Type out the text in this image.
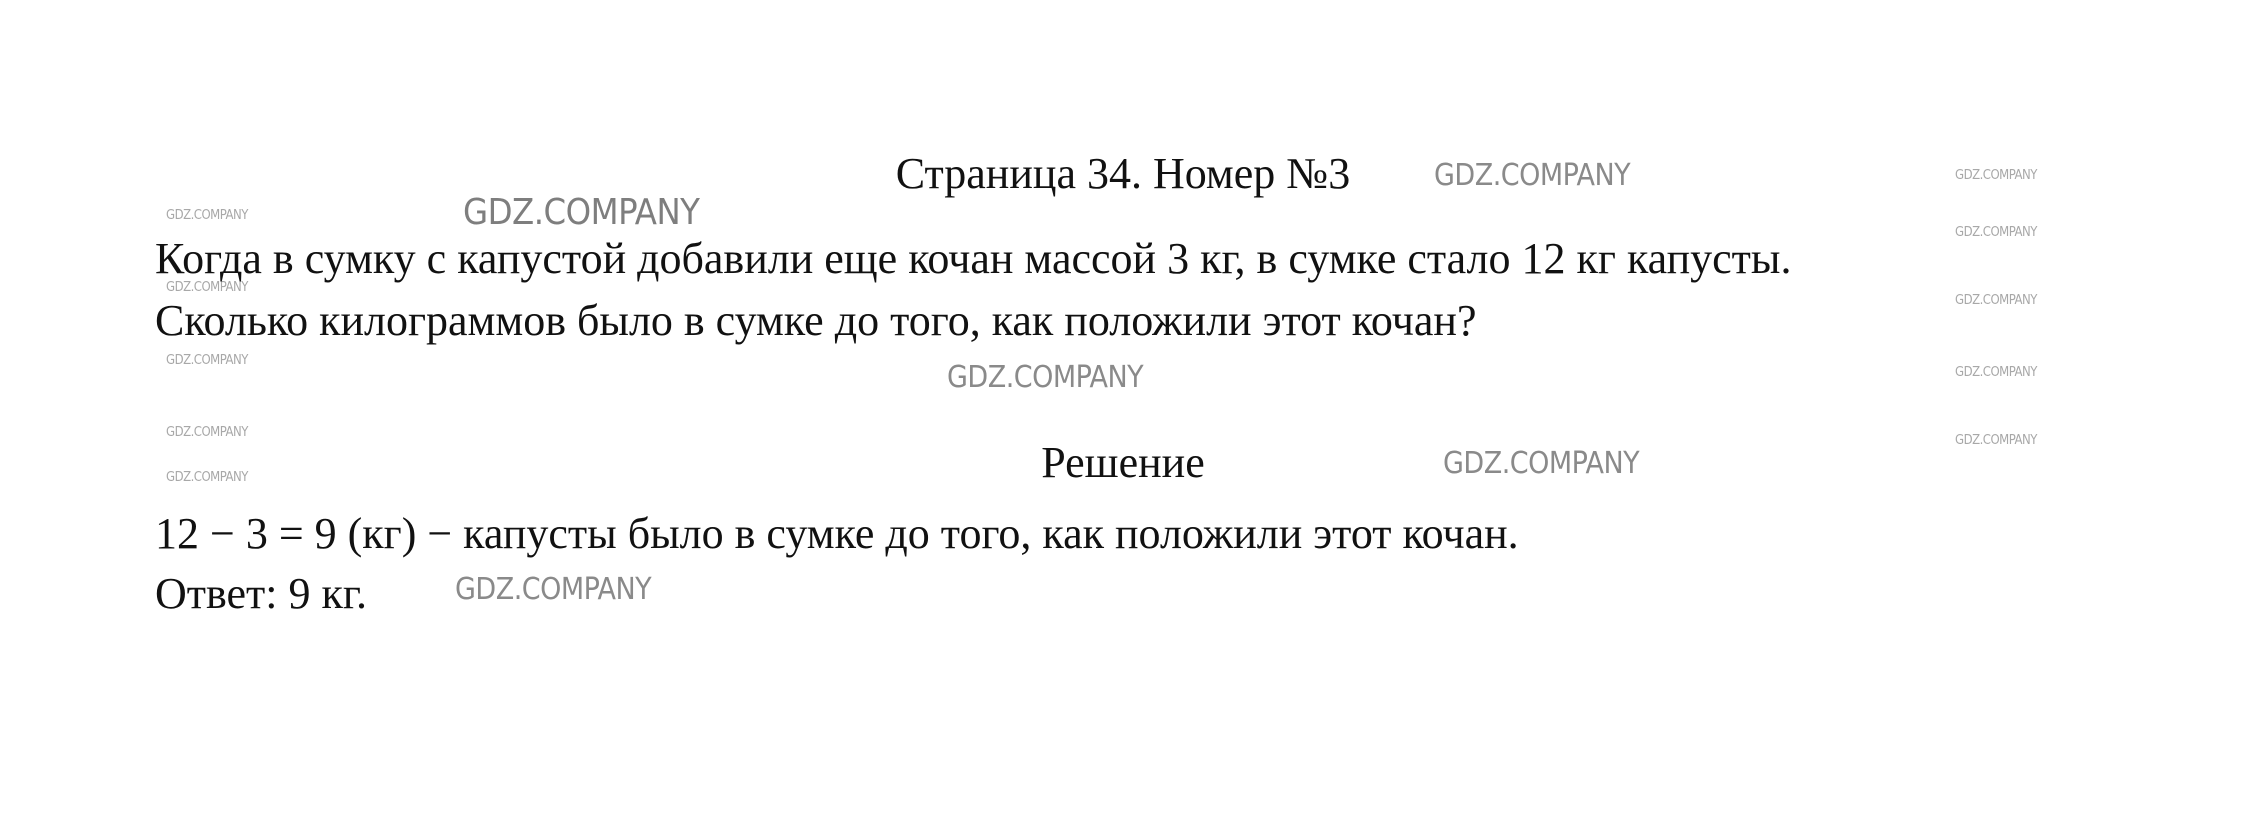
GDZ.COMPANY
GDZ.COMPANY
GDZ.COMPANY
GDZ.COMPANY
GDZ.COMPANY
GDZ.COMPANY
GDZ.COMPANY
GDZ.COMPANY
GDZ.COMPANY
GDZ.COMPANY
Страница 34. Номер №3
GDZ.COMPANY
GDZ.COMPANY
Когда в сумку с капустой добавили еще кочан массой 3 кг, в сумке стало 12 кг капусты. Сколько килограммов было в сумке до того, как положили этот кочан?
GDZ.COMPANY
Решение	GDZ.COMPANY
12 − 3 = 9 (кг) − капусты было в сумке до того, как положили этот кочан.
Ответ: 9 кг.	GDZ.COMPANY
